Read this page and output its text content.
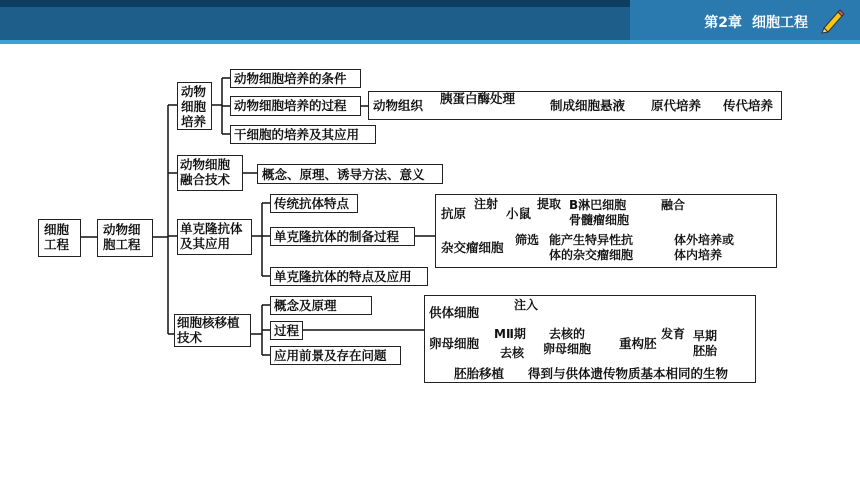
第2章 细胞工程
细胞
工程
动物细
胞工程
动物
细胞
培养
动物细胞培养的条件
动物细胞培养的过程
干细胞的培养及其应用
动物组织 胰蛋白酶处理	制成细胞悬液 原代培养 传代培养
动物细胞
融合技术	概念、原理、诱导方法、意义
单克隆抗体
及其应用
传统抗体特点
单克隆抗体的制备过程
单克隆抗体的特点及应用
抗原
注射
小鼠
提取 B淋巴细胞
骨髓瘤细胞
融合
杂交瘤细胞 筛选 能产生特异性抗
体的杂交瘤细胞
体外培养或
体内培养
细胞核移植
技术
概念及原理
过程
应用前景及存在问题
供体细胞	注入
卵母细胞
MⅡ期
去核
去核的
卵母细胞 重构胚
发育 早期
胚胎
胚胎移植 得到与供体遗传物质基本相同的生物
